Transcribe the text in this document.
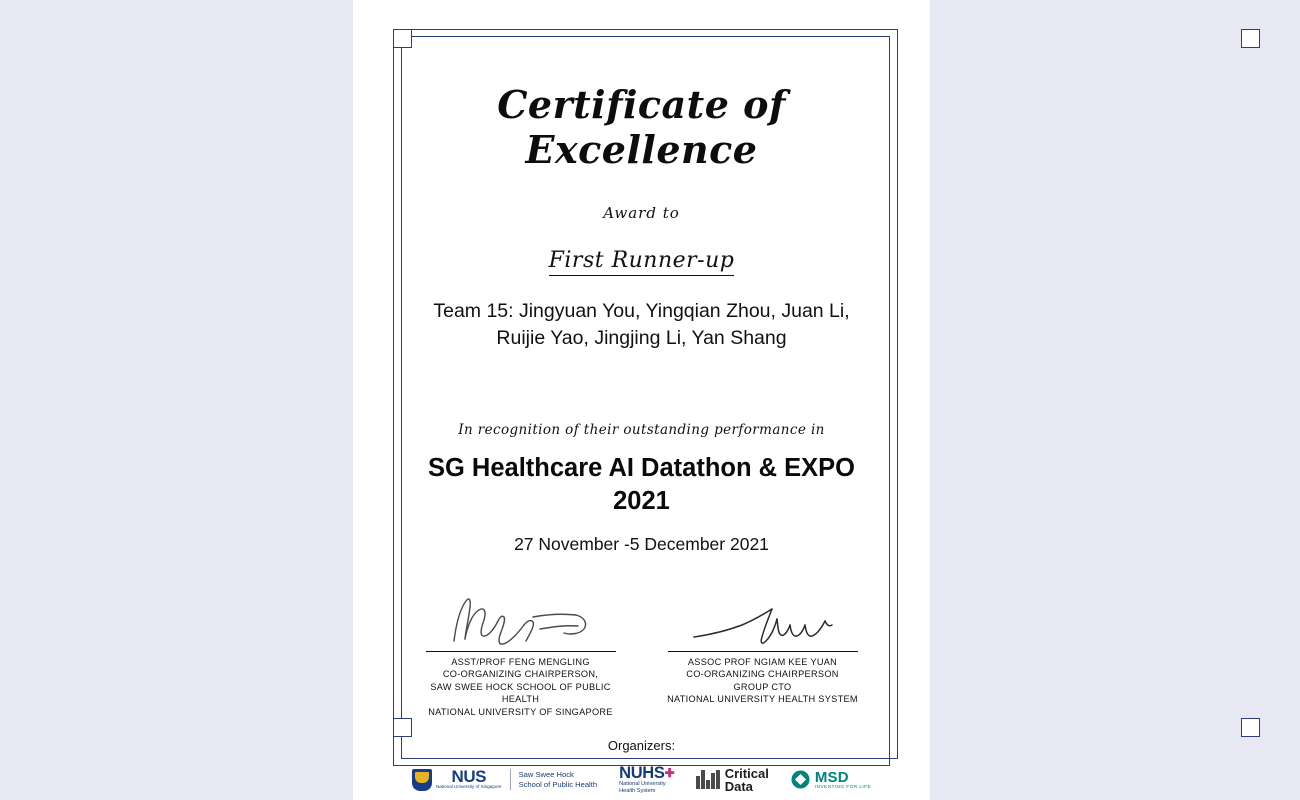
Certificate of Excellence
Award to
First Runner-up
Team 15: Jingyuan You, Yingqian Zhou, Juan Li,
Ruijie Yao, Jingjing Li, Yan Shang
In recognition of their outstanding performance in
SG Healthcare AI Datathon & EXPO
2021
27 November -5 December 2021
ASST/PROF FENG MENGLING
CO-ORGANIZING CHAIRPERSON,
SAW SWEE HOCK SCHOOL OF PUBLIC
HEALTH
NATIONAL UNIVERSITY OF SINGAPORE
ASSOC PROF NGIAM KEE YUAN
CO-ORGANIZING CHAIRPERSON
GROUP CTO
NATIONAL UNIVERSITY HEALTH SYSTEM
Organizers:
NUS
National University of Singapore
Saw Swee Hock
School of Public Health
NUHS✚
National University
Health System
Critical
Data
MSD
INVENTING FOR LIFE
